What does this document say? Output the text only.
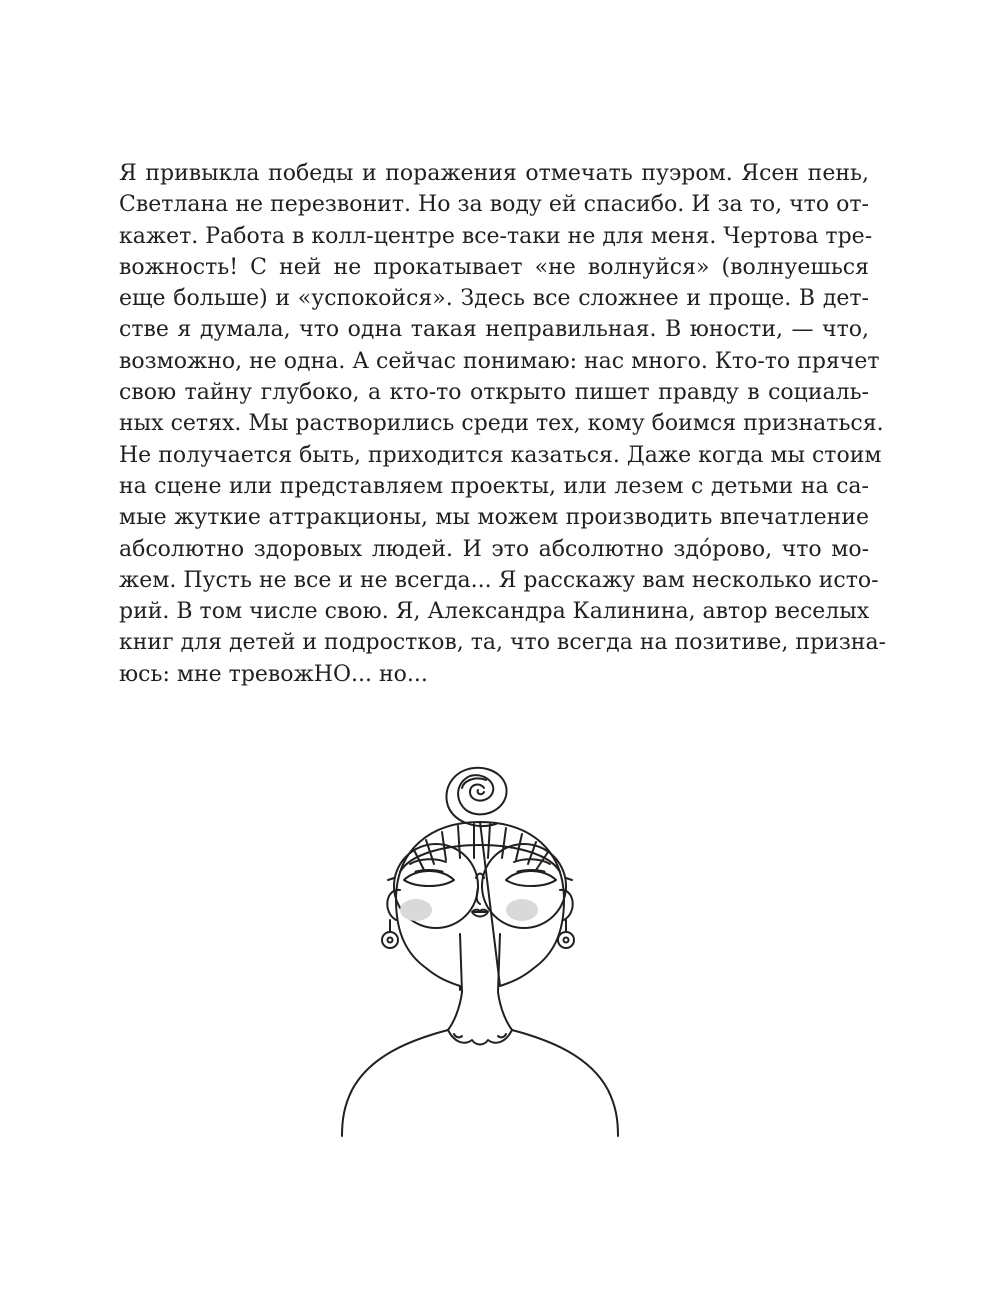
Я привыкла победы и поражения отмечать пуэром. Ясен пень,
Светлана не перезвонит. Но за воду ей спасибо. И за то, что от-
кажет. Работа в колл-центре все-таки не для меня. Чертова тре-
вожность! С ней не прокатывает «не волнуйся» (волнуешься
еще больше) и «успокойся». Здесь все сложнее и проще. В дет-
стве я думала, что одна такая неправильная. В юности, — что,
возможно, не одна. А сейчас понимаю: нас много. Кто-то прячет
свою тайну глубоко, а кто-то открыто пишет правду в социаль-
ных сетях. Мы растворились среди тех, кому боимся признаться.
Не получается быть, приходится казаться. Даже когда мы стоим
на сцене или представляем проекты, или лезем с детьми на са-
мые жуткие аттракционы, мы можем производить впечатление
абсолютно здоровых людей. И это абсолютно здо́рово, что мо-
жем. Пусть не все и не всегда... Я расскажу вам несколько исто-
рий. В том числе свою. Я, Александра Калинина, автор веселых
книг для детей и подростков, та, что всегда на позитиве, призна-
юсь: мне тревожНО... но...
